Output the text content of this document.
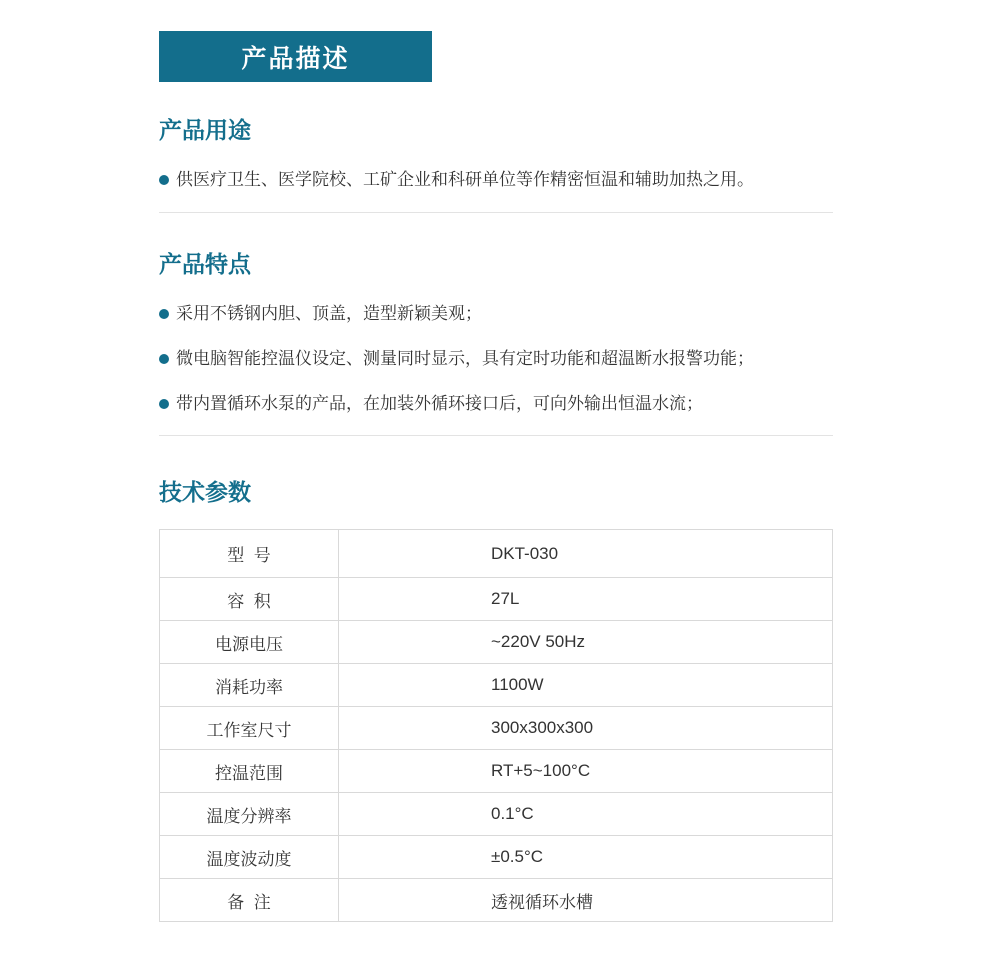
产品描述
产品用途
供医疗卫生、医学院校、工矿企业和科研单位等作精密恒温和辅助加热之用。
产品特点
采用不锈钢内胆、顶盖，造型新颖美观；
微电脑智能控温仪设定、测量同时显示，具有定时功能和超温断水报警功能；
带内置循环水泵的产品，在加装外循环接口后，可向外输出恒温水流；
技术参数
型  号	DKT-030
容  积	27L
电源电压	~220V 50Hz
消耗功率	1100W
工作室尺寸	300x300x300
控温范围	RT+5~100°C
温度分辨率	0.1°C
温度波动度	±0.5°C
备  注	透视循环水槽
